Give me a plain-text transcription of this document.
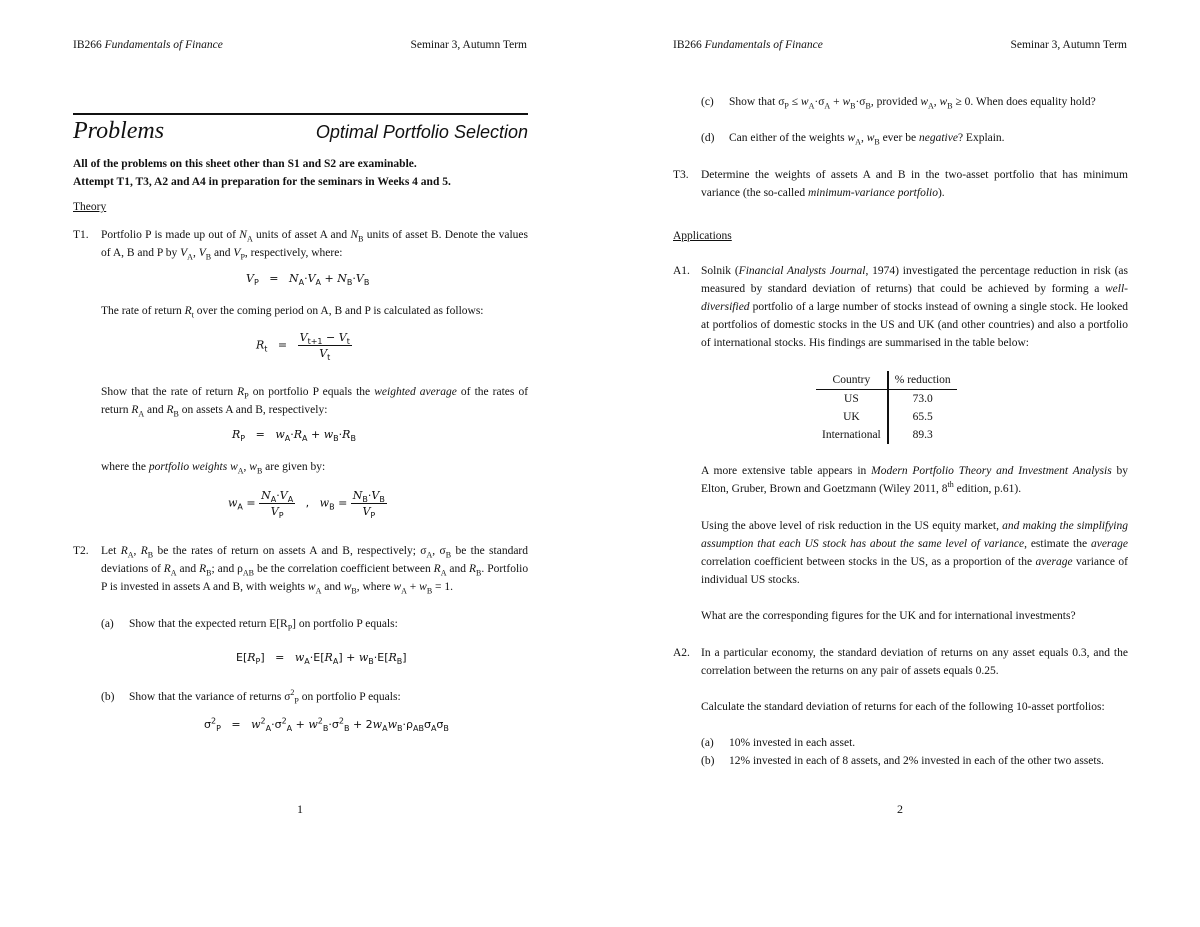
IB266 Fundamentals of Finance	Seminar 3, Autumn Term
Problems	Optimal Portfolio Selection
All of the problems on this sheet other than S1 and S2 are examinable.
Attempt T1, T3, A2 and A4 in preparation for the seminars in Weeks 4 and 5.
Theory
T1. Portfolio P is made up out of $N_A$ units of asset A and $N_B$ units of asset B. Denote the values of A, B and P by $V_A$, $V_B$ and $V_P$, respectively, where:
$V_P = N_A\cdot V_A + N_B\cdot V_B$
The rate of return $R_t$ over the coming period on A, B and P is calculated as follows:
$R_t = \frac{V_{t+1} - V_t}{V_t}$
Show that the rate of return $R_P$ on portfolio P equals the weighted average of the rates of return $R_A$ and $R_B$ on assets A and B, respectively:
$R_P = w_A\cdot R_A + w_B\cdot R_B$
where the portfolio weights $w_A$, $w_B$ are given by:
$w_A = \frac{N_A\cdot V_A}{V_P}$ ,   $w_B = \frac{N_B\cdot V_B}{V_P}$
T2. Let $R_A$, $R_B$ be the rates of return on assets A and B, respectively; $\sigma_A$, $\sigma_B$ be the standard deviations of $R_A$ and $R_B$; and $\rho_{AB}$ be the correlation coefficient between $R_A$ and $R_B$. Portfolio P is invested in assets A and B, with weights $w_A$ and $w_B$, where $w_A + w_B = 1$.
(a) Show that the expected return $E[R_P]$ on portfolio P equals:
$E[R_P] = w_A\cdot E[R_A] + w_B\cdot E[R_B]$
(b) Show that the variance of returns $\sigma^2_P$ on portfolio P equals:
$\sigma^2_P = w^2_A\cdot\sigma^2_A + w^2_B\cdot\sigma^2_B + 2w_Aw_B\cdot\rho_{AB}\sigma_A\sigma_B$
1
IB266 Fundamentals of Finance	Seminar 3, Autumn Term
(c) Show that $\sigma_P \le w_A\cdot\sigma_A + w_B\cdot\sigma_B$, provided $w_A$, $w_B \ge 0$. When does equality hold?
(d) Can either of the weights $w_A$, $w_B$ ever be negative? Explain.
T3. Determine the weights of assets A and B in the two-asset portfolio that has minimum variance (the so-called minimum-variance portfolio).
Applications
A1. Solnik (Financial Analysts Journal, 1974) investigated the percentage reduction in risk (as measured by standard deviation of returns) that could be achieved by forming a well-diversified portfolio of a large number of stocks instead of owning a single stock. He looked at portfolios of domestic stocks in the US and UK (and other countries) and also a portfolio of international stocks. His findings are summarised in the table below:
Country	% reduction
US	73.0
UK	65.5
International	89.3
A more extensive table appears in Modern Portfolio Theory and Investment Analysis by Elton, Gruber, Brown and Goetzmann (Wiley 2011, 8th edition, p.61).
Using the above level of risk reduction in the US equity market, and making the simplifying assumption that each US stock has about the same level of variance, estimate the average correlation coefficient between stocks in the US, as a proportion of the average variance of individual US stocks.
What are the corresponding figures for the UK and for international investments?
A2. In a particular economy, the standard deviation of returns on any asset equals 0.3, and the correlation between the returns on any pair of assets equals 0.25.
Calculate the standard deviation of returns for each of the following 10-asset portfolios:
(a) 10% invested in each asset.
(b) 12% invested in each of 8 assets, and 2% invested in each of the other two assets.
2
